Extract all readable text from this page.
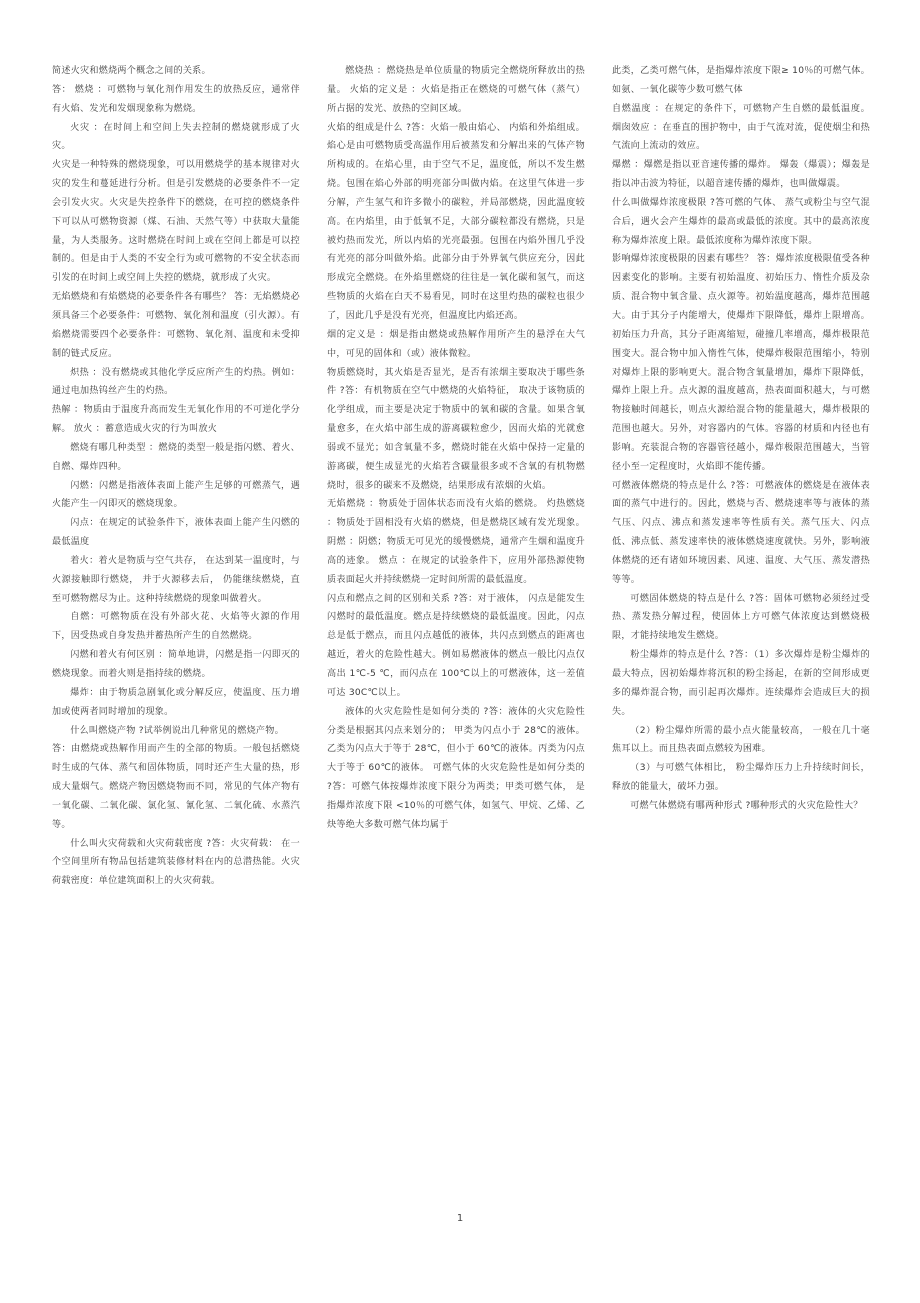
简述火灾和燃烧两个概念之间的关系。

答： 燃烧 ：可燃物与氧化剂作用发生的放热反应，通常伴有火焰、发光和发烟现象称为燃烧。

火灾 ：在时间上和空间上失去控制的燃烧就形成了火灾。

火灾是一种特殊的燃烧现象，可以用燃烧学的基本规律对火灾的发生和蔓延进行分析。但是引发燃烧的必要条件不一定会引发火灾。火灾是失控条件下的燃烧，在可控的燃烧条件下可以从可燃物资源（煤、石油、天然气等）中获取大量能量，为人类服务。这时燃烧在时间上或在空间上都是可以控制的。但是由于人类的不安全行为或可燃物的不安全状态而引发的在时间上或空间上失控的燃烧，就形成了火灾。

无焰燃烧和有焰燃烧的必要条件各有哪些？ 答：无焰燃烧必须具备三个必要条件：可燃物、氧化剂和温度（引火源）。有焰燃烧需要四个必要条件：可燃物、氧化剂、温度和未受抑制的链式反应。

炽热 ：没有燃烧或其他化学反应所产生的灼热。例如：通过电加热钨丝产生的灼热。

热解 ：物质由于温度升高而发生无氧化作用的不可逆化学分解。 放火 ：蓄意造成火灾的行为叫放火

燃烧有哪几种类型 ：燃烧的类型一般是指闪燃、着火、自燃、爆炸四种。

闪燃：闪燃是指液体表面上能产生足够的可燃蒸气，遇火能产生一闪即灭的燃烧现象。

闪点：在规定的试验条件下，液体表面上能产生闪燃的最低温度

着火：着火是物质与空气共存， 在达到某一温度时，与火源接触即行燃烧， 并于火源移去后， 仍能继续燃烧，直至可燃物燃尽为止。这种持续燃烧的现象叫做着火。

自燃：可燃物质在没有外部火花、火焰等火源的作用下，因受热或自身发热并蓄热所产生的自然燃烧。

闪燃和着火有何区别 ：简单地讲，闪燃是指一闪即灭的燃烧现象。而着火则是指持续的燃烧。

爆炸：由于物质急剧氧化或分解反应，使温度、压力增加或使两者同时增加的现象。

什么叫燃烧产物 ?试举例说出几种常见的燃烧产物。

答：由燃烧或热解作用而产生的全部的物质。一般包括燃烧时生成的气体、蒸气和固体物质，同时还产生大量的热，形成大量烟气。燃烧产物因燃烧物而不同，常见的气体产物有一氧化碳、二氧化碳、氯化氢、氰化氢、二氧化硫、水蒸汽等。

什么叫火灾荷载和火灾荷载密度 ?答：火灾荷载： 在一个空间里所有物品包括建筑装修材料在内的总潜热能。火灾荷载密度：单位建筑面积上的火灾荷载。

燃烧热 ：燃烧热是单位质量的物质完全燃烧所释放出的热量。 火焰的定义是 ：火焰是指正在燃烧的可燃气体（蒸气）所占据的发光、放热的空间区域。

火焰的组成是什么 ?答：火焰一般由焰心、 内焰和外焰组成。焰心是由可燃物质受高温作用后被蒸发和分解出来的气体产物所构成的。在焰心里，由于空气不足，温度低，所以不发生燃烧。包围在焰心外部的明亮部分叫做内焰。在这里气体进一步分解，产生氢气和许多微小的碳粒，并局部燃烧，因此温度较高。在内焰里，由于低氧不足，大部分碳粒都没有燃烧，只是被灼热而发光，所以内焰的光亮最强。包围在内焰外围几乎没有光亮的部分叫做外焰。此部分由于外界氧气供应充分，因此形成完全燃烧。在外焰里燃烧的往往是一氧化碳和氢气，而这些物质的火焰在白天不易看见，同时在这里灼热的碳粒也很少了，因此几乎是没有光亮，但温度比内焰还高。

烟的定义是 ：烟是指由燃烧或热解作用所产生的悬浮在大气中，可见的固体和（或）液体微粒。

物质燃烧时，其火焰是否显光，是否有浓烟主要取决于哪些条件 ?答：有机物质在空气中燃烧的火焰特征， 取决于该物质的化学组成，而主要是决定于物质中的氧和碳的含量。如果含氧量愈多，在火焰中部生成的游离碳粒愈少，因而火焰的光就愈弱或不显光；如含氧量不多，燃烧时能在火焰中保持一定量的游离碳，便生成显光的火焰若含碳量很多或不含氧的有机物燃烧时，很多的碳来不及燃烧，结果形成有浓烟的火焰。

无焰燃烧 ：物质处于固体状态而没有火焰的燃烧。 灼热燃烧 ：物质处于固相没有火焰的燃烧，但是燃烧区域有发光现象。 阴燃 ：阴燃；物质无可见光的缓慢燃烧，通常产生烟和温度升高的迹象。 燃点 ：在规定的试验条件下，应用外部热源使物质表面起火并持续燃烧一定时间所需的最低温度。

闪点和燃点之间的区别和关系 ?答：对于液体， 闪点是能发生闪燃时的最低温度。燃点是持续燃烧的最低温度。因此，闪点总是低于燃点，而且闪点越低的液体，共闪点到燃点的距离也越近，着火的危险性越大。例如易燃液体的燃点一般比闪点仅高出 1℃-5 ℃，而闪点在 100℃以上的可燃液体，这一差值可达 30C℃以上。

液体的火灾危险性是如何分类的 ?答：液体的火灾危险性分类是根据其闪点来划分的； 甲类为闪点小于 28℃的液体。乙类为闪点大于等于 28℃，但小于 60℃的液体。丙类为闪点大于等于 60℃的液体。 可燃气体的火灾危险性是如何分类的 ?答：可燃气体按爆炸浓度下限分为两类；甲类可燃气体， 是指爆炸浓度下限 <10％的可燃气体，如氢气、甲烷、乙烯、乙炔等绝大多数可燃气体均属于

此类，乙类可燃气体，是指爆炸浓度下限≥ 10％的可燃气体。如氨、一氧化碳等少数可燃气体

自燃温度 ：在规定的条件下，可燃物产生自燃的最低温度。 烟囱效应 ：在垂直的围护物中，由于气流对流，促使烟尘和热气流向上流动的效应。

爆燃 ：爆燃是指以亚音速传播的爆炸。 爆轰（爆震）；爆轰是指以冲击波为特征，以超音速传播的爆炸，也叫做爆震。

什么叫做爆炸浓度极限 ?答可燃的气体、 蒸气或粉尘与空气混合后，遇火会产生爆炸的最高或最低的浓度。其中的最高浓度称为爆炸浓度上限。最低浓度称为爆炸浓度下限。

影响爆炸浓度极限的因素有哪些？ 答：爆炸浓度极限值受各种因素变化的影响。主要有初始温度、初始压力、惰性介质及杂质、混合物中氧含量、点火源等。初始温度越高，爆炸范围越大。由于其分子内能增大，使爆炸下限降低，爆炸上限增高。初始压力升高，其分子距离缩短，碰撞几率增高，爆炸极限范围变大。混合物中加入惰性气体，使爆炸极限范围缩小，特别对爆炸上限的影响更大。混合物含氧量增加，爆炸下限降低，爆炸上限上升。点火源的温度越高，热表面面积越大，与可燃物接触时间越长，则点火源给混合物的能量越大，爆炸极限的范围也越大。另外，对容器内的气体。容器的材质和内径也有影响。充装混合物的容器管径越小，爆炸极限范围越大，当管径小至一定程度时，火焰即不能传播。

可燃液体燃烧的特点是什么 ?答：可燃液体的燃烧是在液体表面的蒸气中进行的。因此，燃烧与否、燃烧速率等与液体的蒸气压、闪点、沸点和蒸发速率等性质有关。蒸气压大、闪点低、沸点低、蒸发速率快的液体燃烧速度就快。另外，影响液体燃烧的还有诸如环境因素、风速、温度、大气压、蒸发潜热等等。

可燃固体燃烧的特点是什么 ?答：固体可燃物必须经过受热、蒸发热分解过程，使固体上方可燃气体浓度达到燃烧极限，才能持续地发生燃烧。

粉尘爆炸的特点是什么 ?答：（1）多次爆炸是粉尘爆炸的最大特点，因初始爆炸将沉积的粉尘扬起，在新的空间形成更多的爆炸混合物，而引起再次爆炸。连续爆炸会造成巨大的损失。

（2）粉尘爆炸所需的最小点火能量较高， 一般在几十毫焦耳以上。而且热表面点燃较为困难。

（3）与可燃气体相比， 粉尘爆炸压力上升持续时间长，释放的能量大，破坏力强。

可燃气体燃烧有哪两种形式 ?哪种形式的火灾危险性大？

1
